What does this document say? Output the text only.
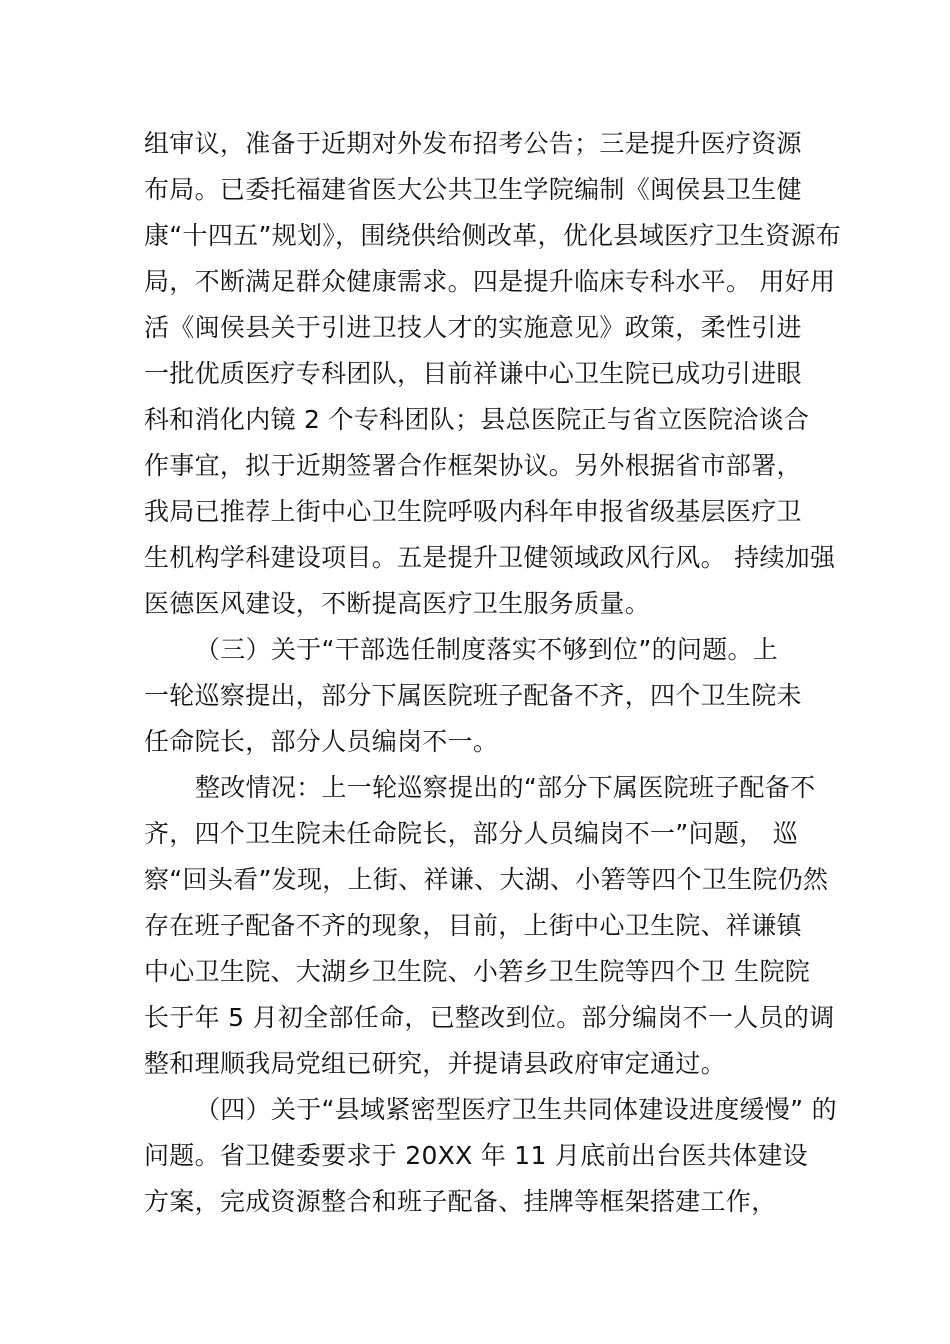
组审议，准备于近期对外发布招考公告；三是提升医疗资源
布局。已委托福建省医大公共卫生学院编制《闽侯县卫生健
康“十四五”规划》，围绕供给侧改革，优化县域医疗卫生资源布
局，不断满足群众健康需求。四是提升临床专科水平。 用好用
活《闽侯县关于引进卫技人才的实施意见》政策，柔性引进
一批优质医疗专科团队，目前祥谦中心卫生院已成功引进眼
科和消化内镜 2 个专科团队；县总医院正与省立医院洽谈合
作事宜，拟于近期签署合作框架协议。另外根据省市部署，
我局已推荐上街中心卫生院呼吸内科年申报省级基层医疗卫
生机构学科建设项目。五是提升卫健领域政风行风。 持续加强
医德医风建设，不断提高医疗卫生服务质量。
（三）关于“干部选任制度落实不够到位”的问题。上
一轮巡察提出，部分下属医院班子配备不齐，四个卫生院未
任命院长，部分人员编岗不一。
整改情况：上一轮巡察提出的“部分下属医院班子配备不
齐，四个卫生院未任命院长，部分人员编岗不一”问题， 巡
察“回头看”发现，上街、祥谦、大湖、小箬等四个卫生院仍然
存在班子配备不齐的现象，目前，上街中心卫生院、祥谦镇
中心卫生院、大湖乡卫生院、小箬乡卫生院等四个卫 生院院
长于年 5 月初全部任命，已整改到位。部分编岗不一人员的调
整和理顺我局党组已研究，并提请县政府审定通过。
（四）关于“县域紧密型医疗卫生共同体建设进度缓慢” 的
问题。省卫健委要求于 20XX 年 11 月底前出台医共体建设
方案，完成资源整合和班子配备、挂牌等框架搭建工作，
